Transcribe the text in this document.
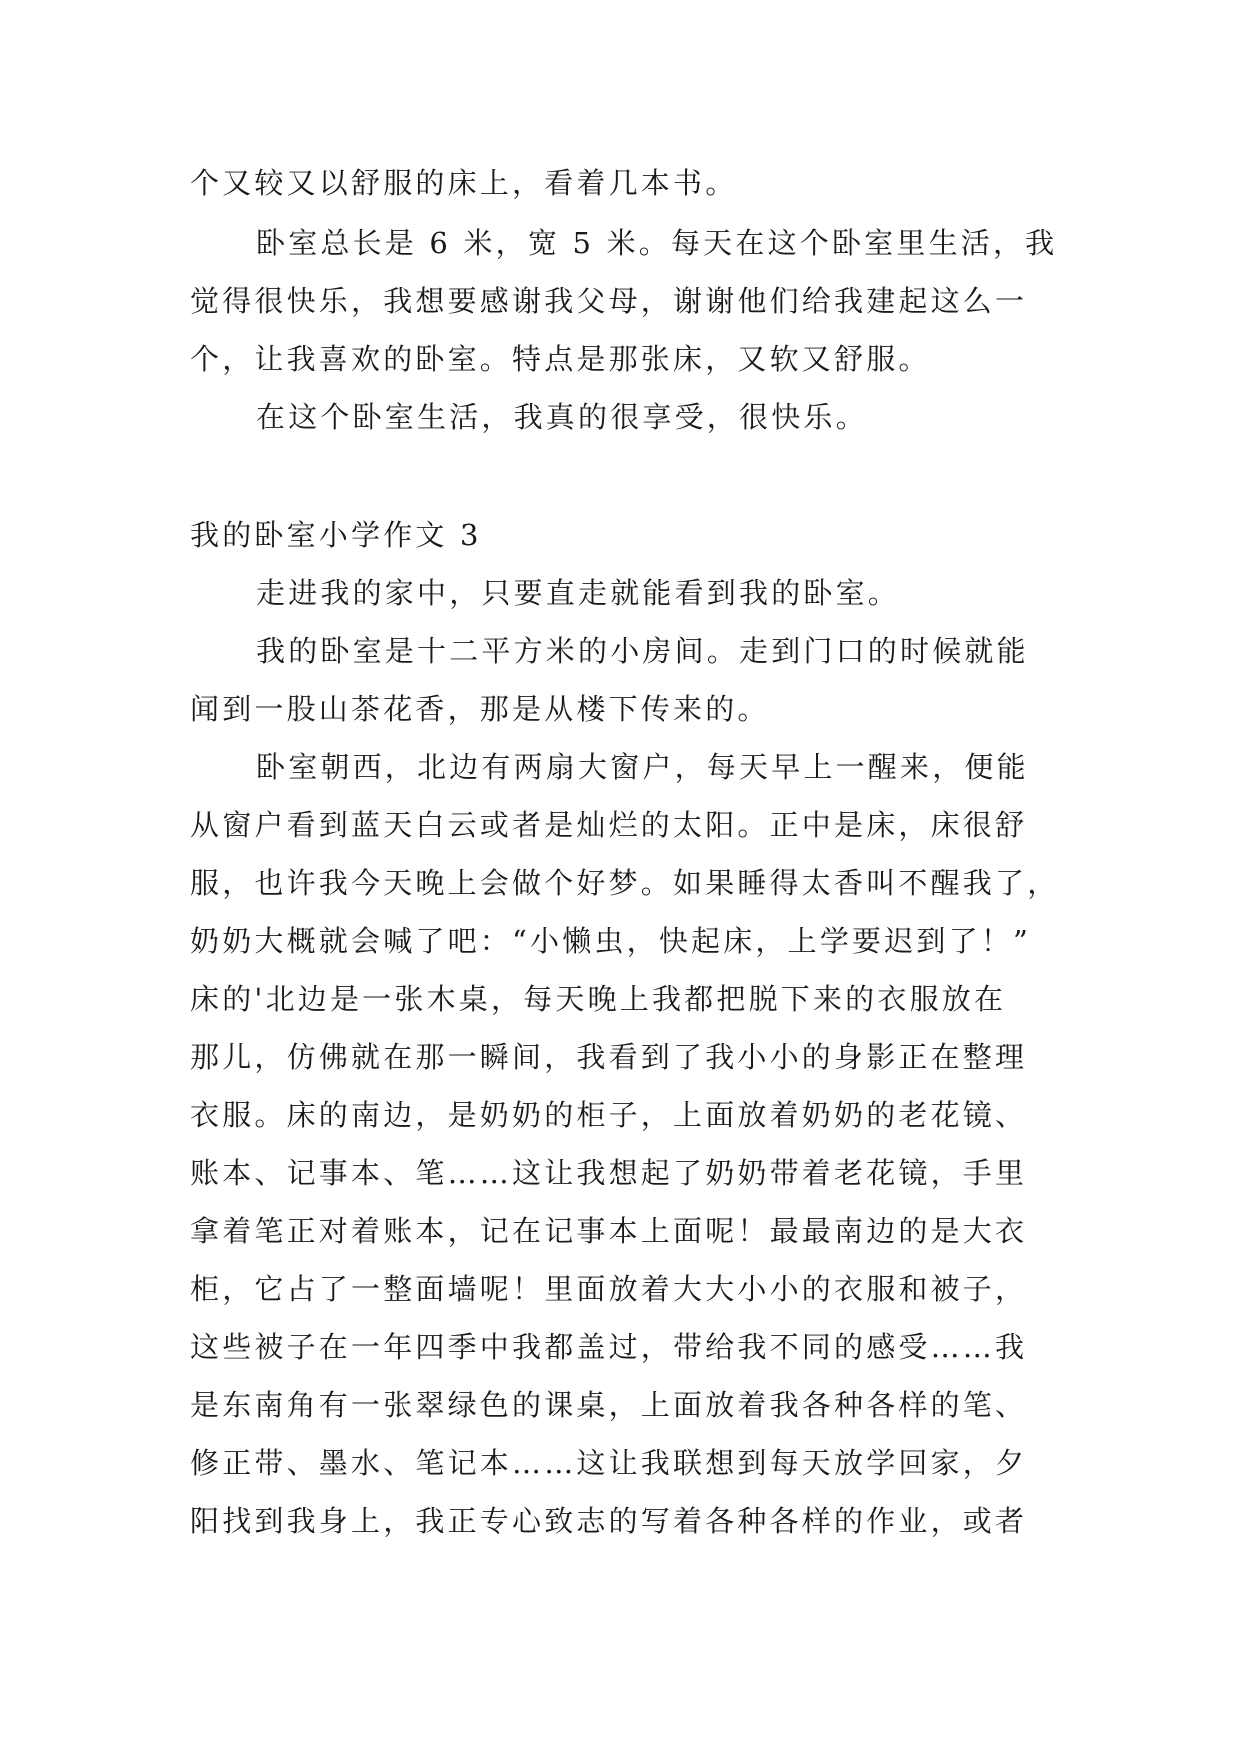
个又较又以舒服的床上，看着几本书。
卧室总长是 6 米，宽 5 米。每天在这个卧室里生活，我
觉得很快乐，我想要感谢我父母，谢谢他们给我建起这么一
个，让我喜欢的卧室。特点是那张床，又软又舒服。
在这个卧室生活，我真的很享受，很快乐。
我的卧室小学作文 3
走进我的家中，只要直走就能看到我的卧室。
我的卧室是十二平方米的小房间。走到门口的时候就能
闻到一股山茶花香，那是从楼下传来的。
卧室朝西，北边有两扇大窗户，每天早上一醒来，便能
从窗户看到蓝天白云或者是灿烂的太阳。正中是床，床很舒
服，也许我今天晚上会做个好梦。如果睡得太香叫不醒我了，
奶奶大概就会喊了吧：“小懒虫，快起床，上学要迟到了！”
床的'北边是一张木桌，每天晚上我都把脱下来的衣服放在
那儿，仿佛就在那一瞬间，我看到了我小小的身影正在整理
衣服。床的南边，是奶奶的柜子，上面放着奶奶的老花镜、
账本、记事本、笔……这让我想起了奶奶带着老花镜，手里
拿着笔正对着账本，记在记事本上面呢！最最南边的是大衣
柜，它占了一整面墙呢！里面放着大大小小的衣服和被子，
这些被子在一年四季中我都盖过，带给我不同的感受……我
是东南角有一张翠绿色的课桌，上面放着我各种各样的笔、
修正带、墨水、笔记本……这让我联想到每天放学回家，夕
阳找到我身上，我正专心致志的写着各种各样的作业，或者
